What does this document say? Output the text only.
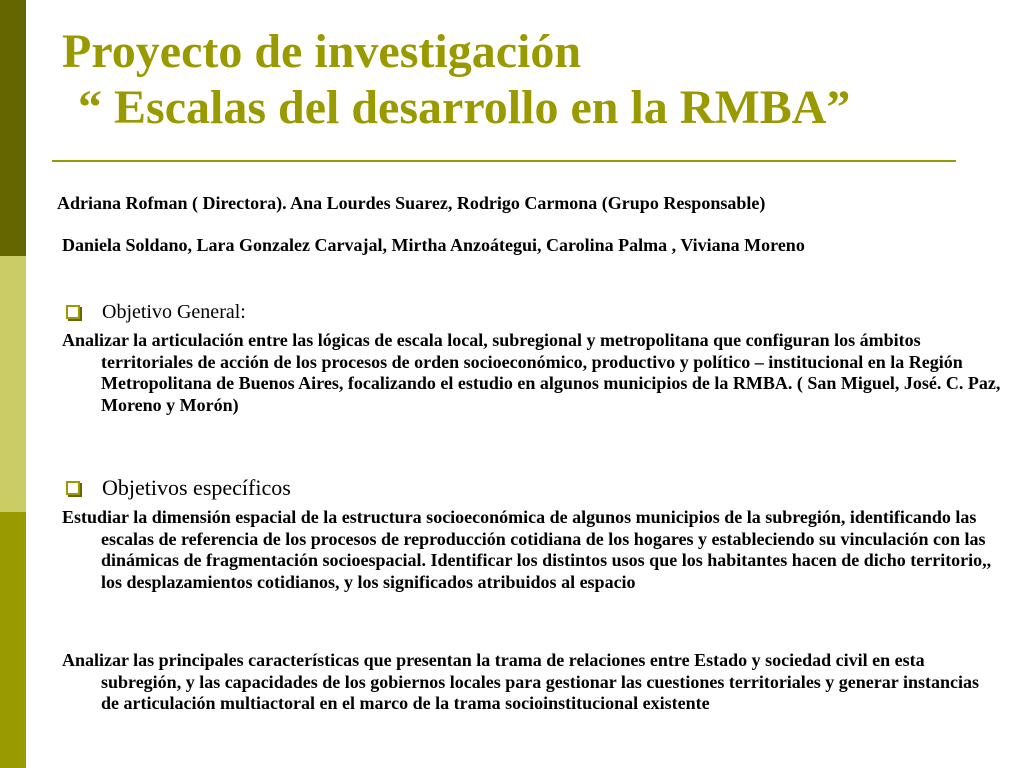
Proyecto de investigación
“ Escalas del desarrollo en la RMBA”

Adriana Rofman ( Directora). Ana Lourdes Suarez, Rodrigo Carmona (Grupo Responsable)

Daniela Soldano, Lara Gonzalez Carvajal, Mirtha Anzoátegui, Carolina Palma , Viviana Moreno

Objetivo General:

Analizar la articulación entre las lógicas de escala local, subregional y metropolitana que configuran los ámbitos territoriales de acción de los procesos de orden socioeconómico, productivo y político – institucional en la Región Metropolitana de Buenos Aires, focalizando el estudio en algunos municipios de la RMBA. ( San Miguel, José. C. Paz, Moreno y Morón)

Objetivos específicos

Estudiar la dimensión espacial de la estructura socioeconómica de algunos municipios de la subregión, identificando las escalas de referencia de los procesos de reproducción cotidiana de los hogares y estableciendo su vinculación con las dinámicas de fragmentación socioespacial. Identificar los distintos usos que los habitantes hacen de dicho territorio,, los desplazamientos cotidianos, y los significados atribuidos al espacio

Analizar las principales características que presentan la trama de relaciones entre Estado y sociedad civil en esta subregión, y las capacidades de los gobiernos locales para gestionar las cuestiones territoriales y generar instancias de articulación multiactoral en el marco de la trama socioinstitucional existente
